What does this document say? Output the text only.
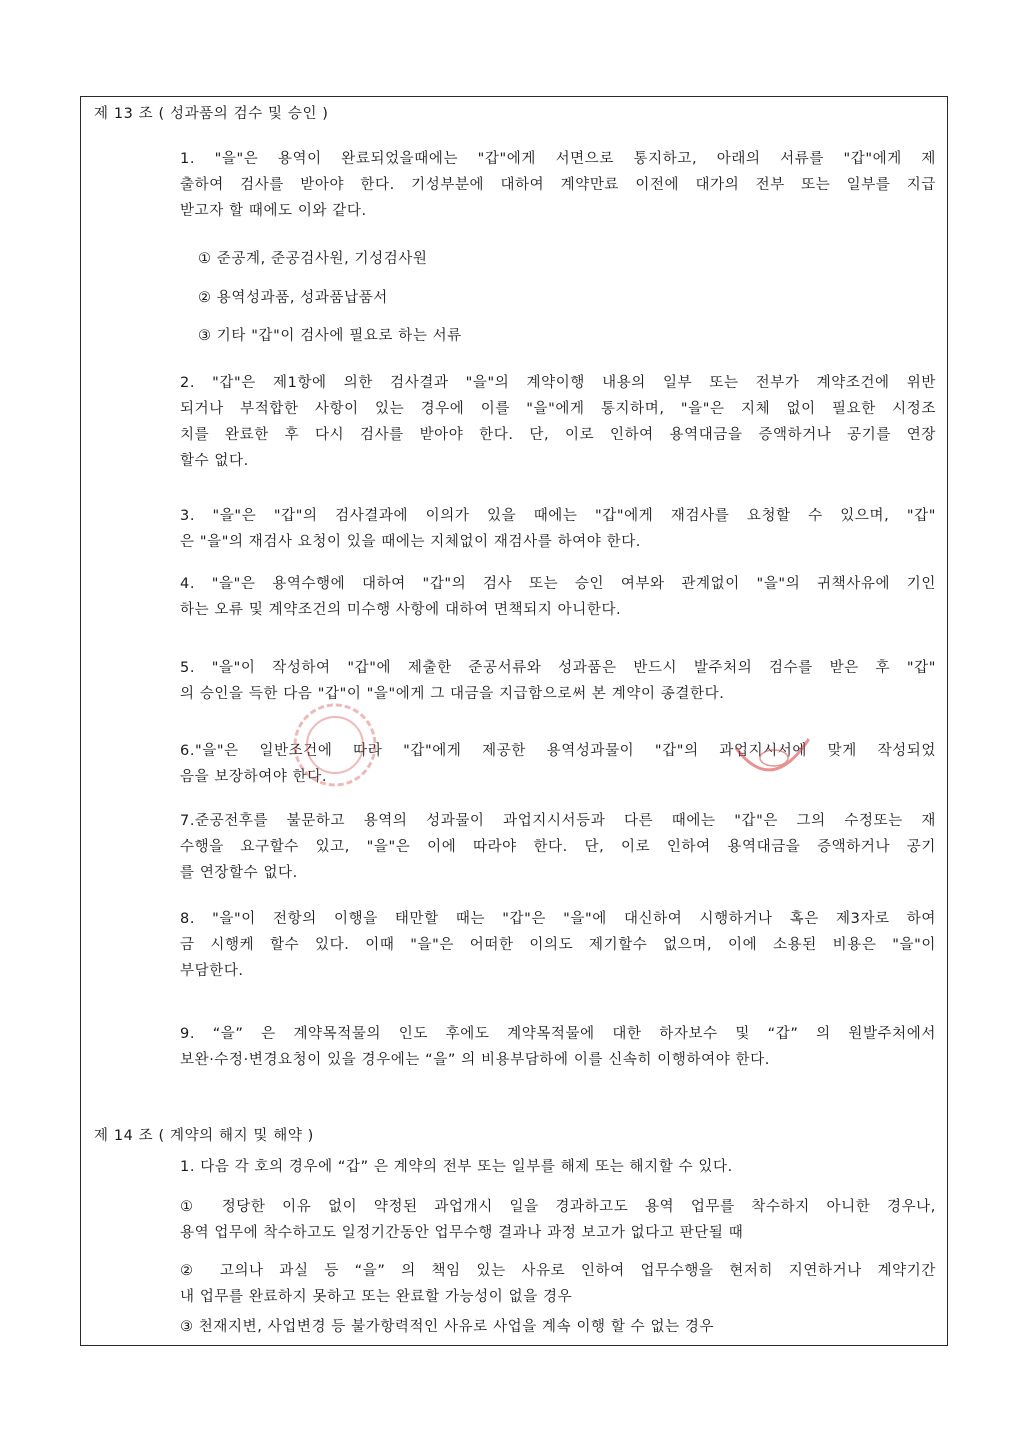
제 13 조 ( 성과품의 검수 및 승인 )
1. "을"은 용역이 완료되었을때에는 "갑"에게 서면으로 통지하고, 아래의 서류를 "갑"에게 제
출하여 검사를 받아야 한다. 기성부분에 대하여 계약만료 이전에 대가의 전부 또는 일부를 지급
받고자 할 때에도 이와 같다.
① 준공계, 준공검사원, 기성검사원
② 용역성과품, 성과품납품서
③ 기타 "갑"이 검사에 필요로 하는 서류
2. "갑"은 제1항에 의한 검사결과 "을"의 계약이행 내용의 일부 또는 전부가 계약조건에 위반
되거나 부적합한 사항이 있는 경우에 이를 "을"에게 통지하며, "을"은 지체 없이 필요한 시정조
치를 완료한 후 다시 검사를 받아야 한다. 단, 이로 인하여 용역대금을 증액하거나 공기를 연장
할수 없다.
3. "을"은 "갑"의 검사결과에 이의가 있을 때에는 "갑"에게 재검사를 요청할 수 있으며, "갑"
은 "을"의 재검사 요청이 있을 때에는 지체없이 재검사를 하여야 한다.
4. "을"은 용역수행에 대하여 "갑"의 검사 또는 승인 여부와 관계없이 "을"의 귀책사유에 기인
하는 오류 및 계약조건의 미수행 사항에 대하여 면책되지 아니한다.
5. "을"이 작성하여 "갑"에 제출한 준공서류와 성과품은 반드시 발주처의 검수를 받은 후 "갑"
의 승인을 득한 다음 "갑"이 "을"에게 그 대금을 지급함으로써 본 계약이 종결한다.
6."을"은 일반조건에 따라 "갑"에게 제공한 용역성과물이 "갑"의 과업지시서에 맞게 작성되었
음을 보장하여야 한다.
7.준공전후를 불문하고 용역의 성과물이 과업지시서등과 다른 때에는 "갑"은 그의 수정또는 재
수행을 요구할수 있고, "을"은 이에 따라야 한다. 단, 이로 인하여 용역대금을 증액하거나 공기
를 연장할수 없다.
8. "을"이 전항의 이행을 태만할 때는 "갑"은 "을"에 대신하여 시행하거나 혹은 제3자로 하여
금 시행케 할수 있다. 이때 "을"은 어떠한 이의도 제기할수 없으며, 이에 소용된 비용은 "을"이
부담한다.
9. “을” 은 계약목적물의 인도 후에도 계약목적물에 대한 하자보수 및 “갑” 의 원발주처에서
보완·수정·변경요청이 있을 경우에는 “을” 의 비용부담하에 이를 신속히 이행하여야 한다.
제 14 조 ( 계약의 해지 및 해약 )
1. 다음 각 호의 경우에 “갑” 은 계약의 전부 또는 일부를 해제 또는 해지할 수 있다.
① 정당한 이유 없이 약정된 과업개시 일을 경과하고도 용역 업무를 착수하지 아니한 경우나,
용역 업무에 착수하고도 일정기간동안 업무수행 결과나 과정 보고가 없다고 판단될 때
② 고의나 과실 등 “을” 의 책임 있는 사유로 인하여 업무수행을 현저히 지연하거나 계약기간
내 업무를 완료하지 못하고 또는 완료할 가능성이 없을 경우
③ 천재지변, 사업변경 등 불가항력적인 사유로 사업을 계속 이행 할 수 없는 경우
